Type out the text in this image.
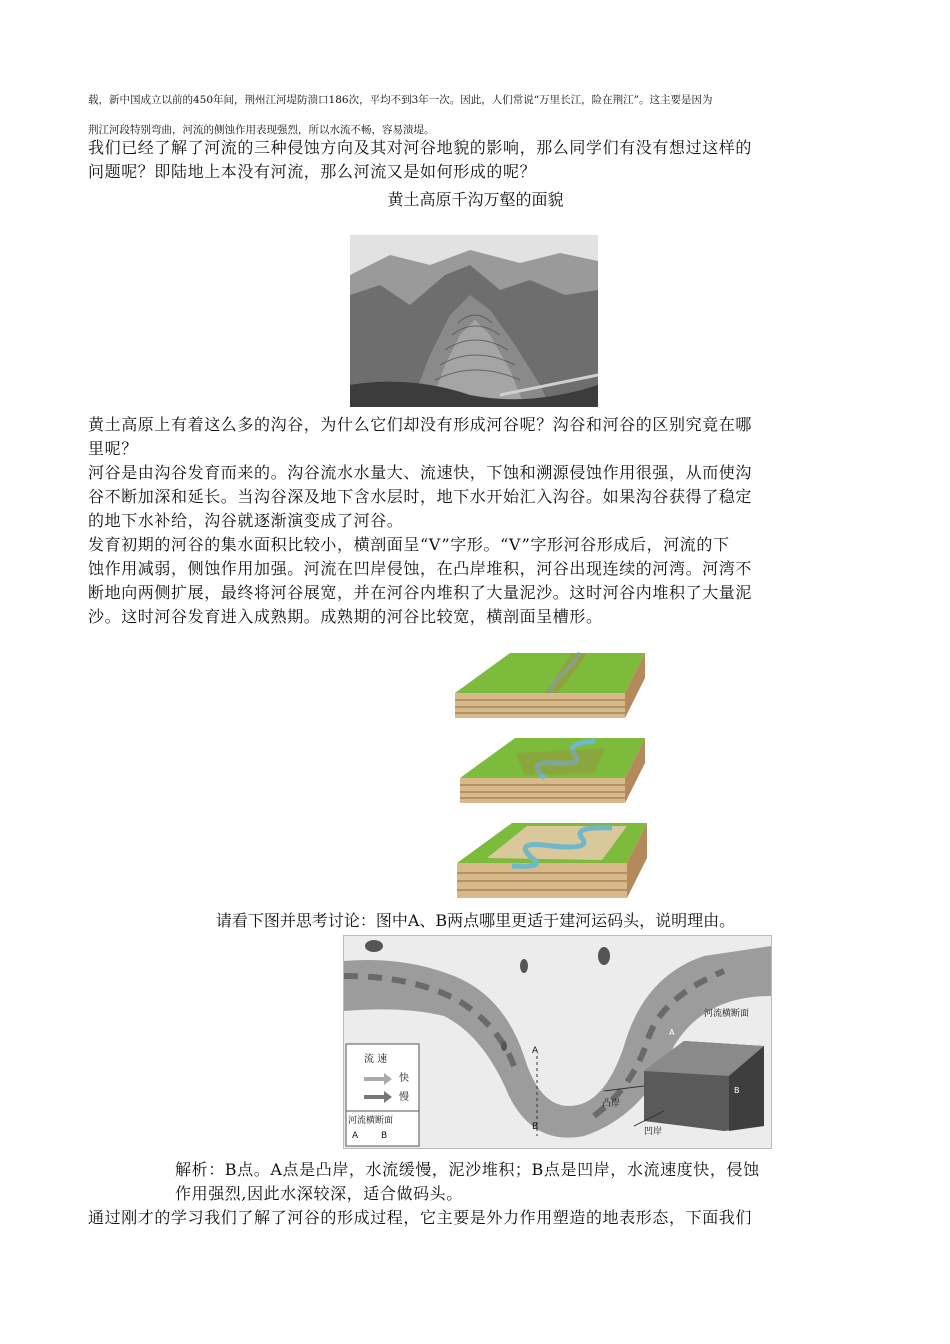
载，新中国成立以前的450年间，荆州江河堤防溃口186次，平均不到3年一次。因此，人们常说“万里长江，险在荆江”。这主要是因为
荆江河段特别弯曲，河流的侧蚀作用表现强烈，所以水流不畅，容易溃堤。
我们已经了解了河流的三种侵蚀方向及其对河谷地貌的影响，那么同学们有没有想过这样的
问题呢？即陆地上本没有河流，那么河流又是如何形成的呢？
黄土高原千沟万壑的面貌
黄土高原上有着这么多的沟谷，为什么它们却没有形成河谷呢？沟谷和河谷的区别究竟在哪
里呢？
河谷是由沟谷发育而来的。沟谷流水水量大、流速快，下蚀和溯源侵蚀作用很强，从而使沟
谷不断加深和延长。当沟谷深及地下含水层时，地下水开始汇入沟谷。如果沟谷获得了稳定
的地下水补给，沟谷就逐渐演变成了河谷。
发育初期的河谷的集水面积比较小，横剖面呈“V”字形。“V”字形河谷形成后，河流的下
蚀作用减弱，侧蚀作用加强。河流在凹岸侵蚀，在凸岸堆积，河谷出现连续的河湾。河湾不
断地向两侧扩展，最终将河谷展宽，并在河谷内堆积了大量泥沙。这时河谷内堆积了大量泥
沙。这时河谷发育进入成熟期。成熟期的河谷比较宽，横剖面呈槽形。
请看下图并思考讨论：图中A、B两点哪里更适于建河运码头，说明理由。
流 速
快
慢
河流横断面
A        B
A
B
河流横断面
A
B
凸岸
凹岸
解析：B点。A点是凸岸，水流缓慢，泥沙堆积；B点是凹岸，水流速度快，侵蚀
作用强烈,因此水深较深，适合做码头。
通过刚才的学习我们了解了河谷的形成过程，它主要是外力作用塑造的地表形态，下面我们
